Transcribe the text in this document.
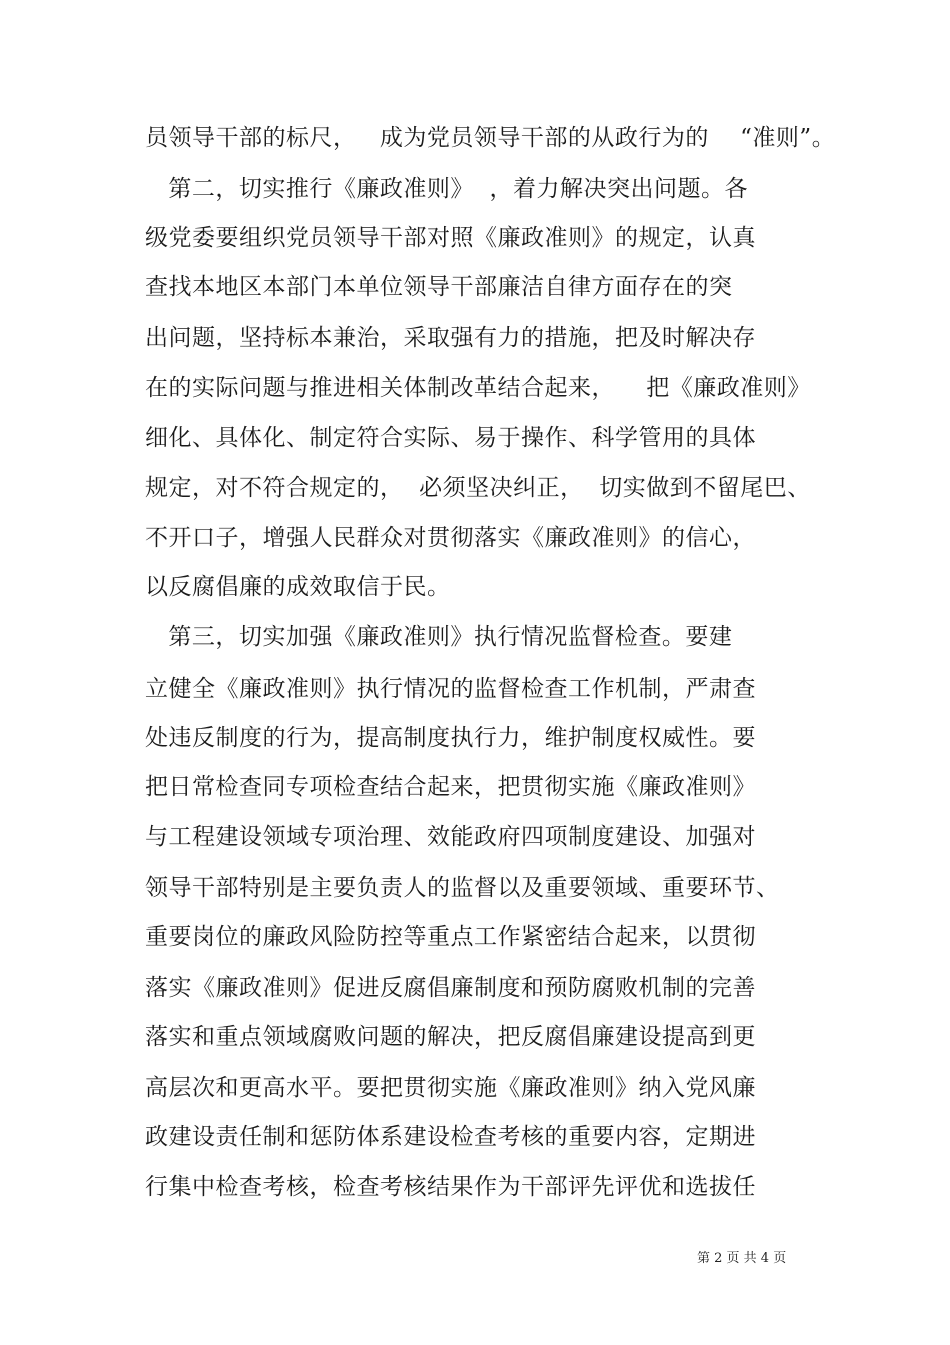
员领导干部的标尺，   成为党员领导干部的从政行为的    “准则”。
第二，切实推行《廉政准则》  ，着力解决突出问题。各
级党委要组织党员领导干部对照《廉政准则》的规定，认真
查找本地区本部门本单位领导干部廉洁自律方面存在的突
出问题，坚持标本兼治，采取强有力的措施，把及时解决存
在的实际问题与推进相关体制改革结合起来，    把《廉政准则》
细化、具体化、制定符合实际、易于操作、科学管用的具体
规定，对不符合规定的，  必须坚决纠正，  切实做到不留尾巴、
不开口子，增强人民群众对贯彻落实《廉政准则》的信心，
以反腐倡廉的成效取信于民。
第三，切实加强《廉政准则》执行情况监督检查。要建
立健全《廉政准则》执行情况的监督检查工作机制，严肃查
处违反制度的行为，提高制度执行力，维护制度权威性。要
把日常检查同专项检查结合起来，把贯彻实施《廉政准则》
与工程建设领域专项治理、效能政府四项制度建设、加强对
领导干部特别是主要负责人的监督以及重要领域、重要环节、
重要岗位的廉政风险防控等重点工作紧密结合起来，以贯彻
落实《廉政准则》促进反腐倡廉制度和预防腐败机制的完善
落实和重点领域腐败问题的解决，把反腐倡廉建设提高到更
高层次和更高水平。要把贯彻实施《廉政准则》纳入党风廉
政建设责任制和惩防体系建设检查考核的重要内容，定期进
行集中检查考核，检查考核结果作为干部评先评优和选拔任
第 2 页 共 4 页
